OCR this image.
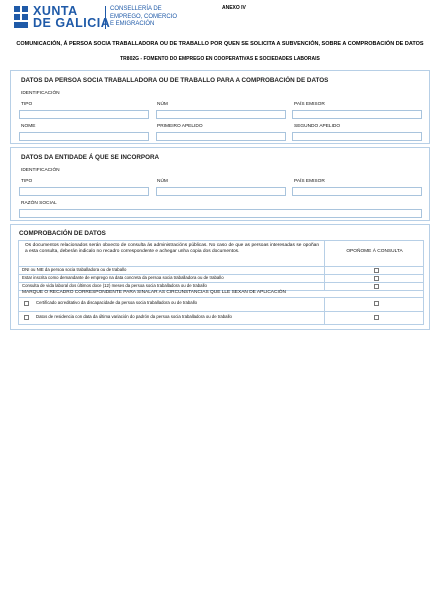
XUNTA
DE GALICIA
CONSELLERÍA DE
EMPREGO, COMERCIO
E EMIGRACIÓN
ANEXO IV
COMUNICACIÓN, Á PERSOA SOCIA TRABALLADORA OU DE TRABALLO POR QUEN SE SOLICITA A SUBVENCIÓN, SOBRE A COMPROBACIÓN DE DATOS
TR802G - FOMENTO DO EMPREGO EN COOPERATIVAS E SOCIEDADES LABORAIS
DATOS DA PERSOA SOCIA TRABALLADORA OU DE TRABALLO PARA A COMPROBACIÓN DE DATOS
IDENTIFICACIÓN
TIPO	NÚM	PAÍS EMISOR
NOME	PRIMEIRO APELIDO	SEGUNDO APELIDO
DATOS DA ENTIDADE Á QUE SE INCORPORA
IDENTIFICACIÓN
TIPO	NÚM	PAÍS EMISOR
RAZÓN SOCIAL
COMPROBACIÓN DE DATOS
Os documentos relacionados serán obxecto de consulta ás administracións públicas. No caso de que as persoas interesadas se opoñan a esta consulta, deberán indicalo no recadro correspondente e achegar unha copia dos documentos.	OPOÑOME Á CONSULTA
DNI ou NIE da persoa socia traballadora ou de traballo
Estar inscrita como demandante de emprego na data concreta da persoa socia traballadora ou de traballo
Consulta de vida laboral dos últimos doce (12) meses da persoa socia traballadora ou de traballo
MARQUE O RECADRO CORRESPONDENTE PARA SINALAR AS CIRCUNSTANCIAS QUE LLE SEXAN DE APLICACIÓN
Certificado acreditativo da discapacidade da persoa socia traballadora ou de traballo
Datos de residencia con data da última variación do padrón da persoa socia traballadora ou de traballo
